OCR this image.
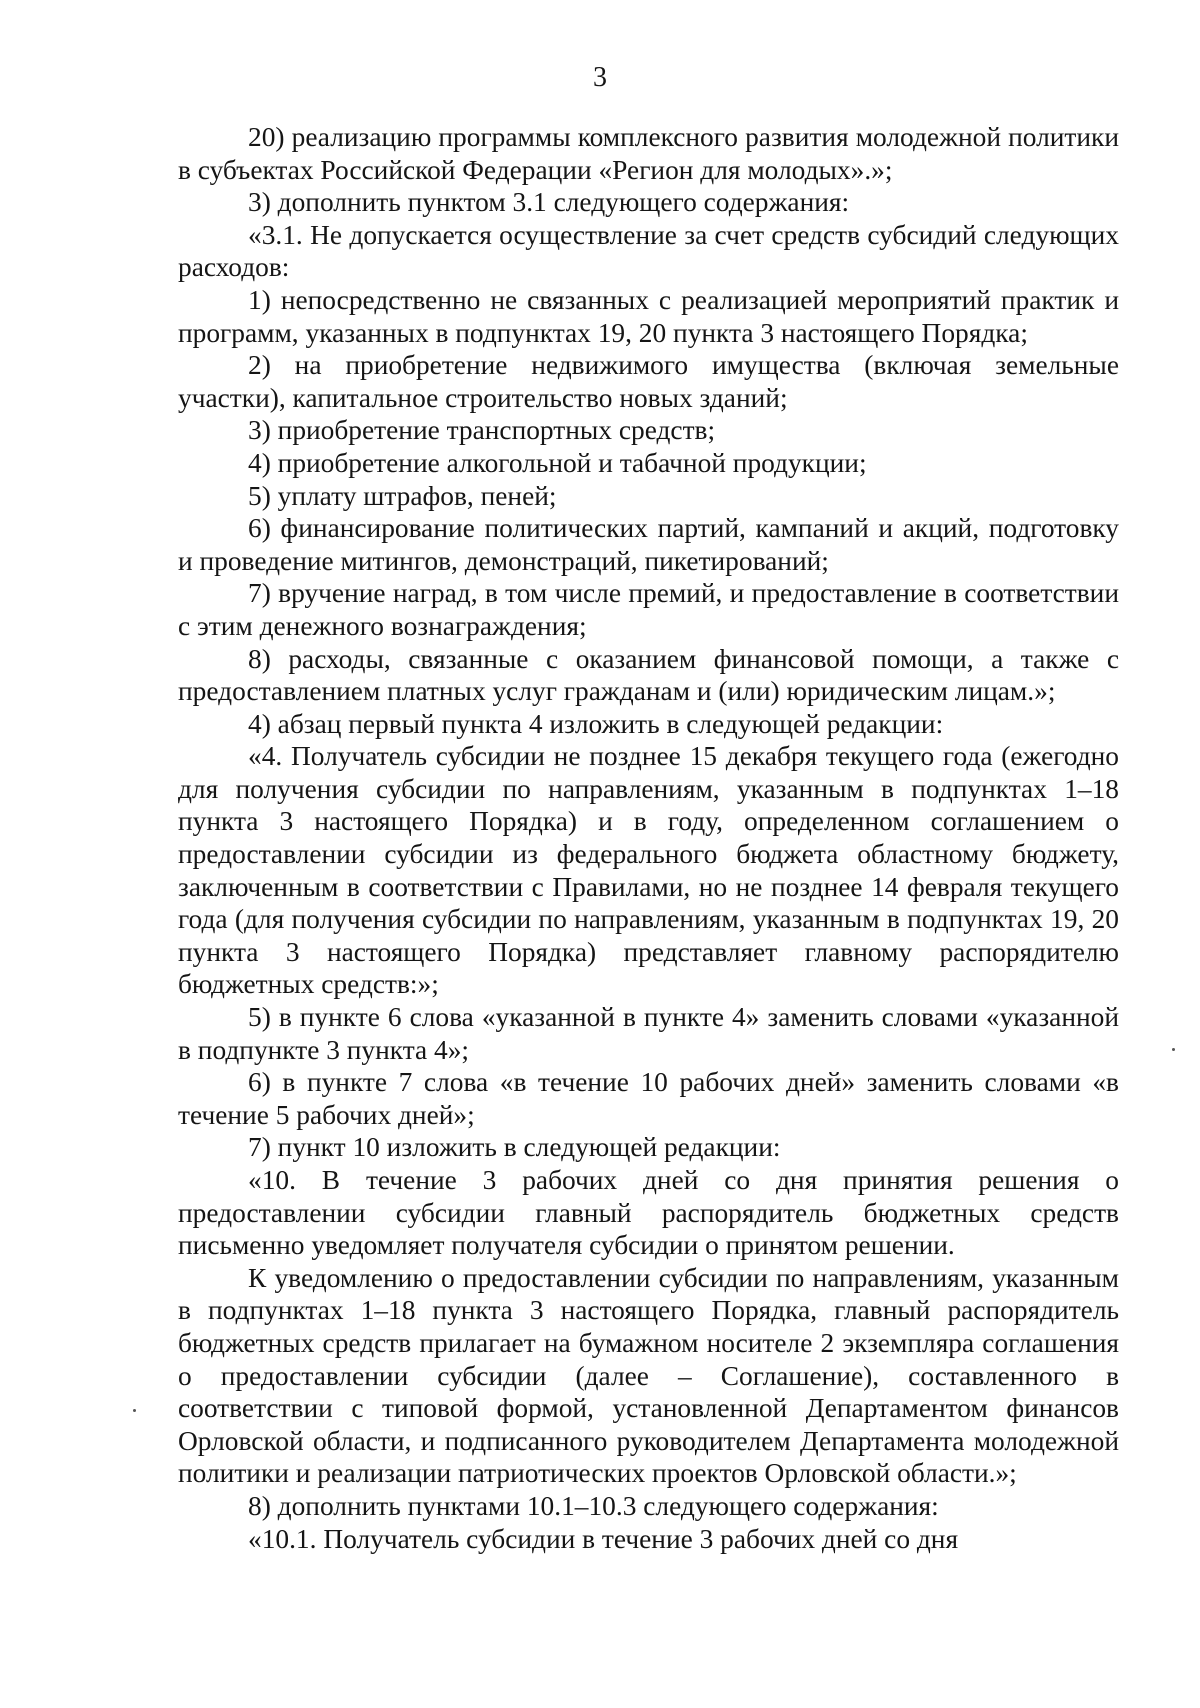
3

20) реализацию программы комплексного развития молодежной политики в субъектах Российской Федерации «Регион для молодых».»;

3) дополнить пунктом 3.1 следующего содержания:

«3.1. Не допускается осуществление за счет средств субсидий следующих расходов:

1) непосредственно не связанных с реализацией мероприятий практик и программ, указанных в подпунктах 19, 20 пункта 3 настоящего Порядка;

2) на приобретение недвижимого имущества (включая земельные участки), капитальное строительство новых зданий;

3) приобретение транспортных средств;

4) приобретение алкогольной и табачной продукции;

5) уплату штрафов, пеней;

6) финансирование политических партий, кампаний и акций, подготовку и проведение митингов, демонстраций, пикетирований;

7) вручение наград, в том числе премий, и предоставление в соответствии с этим денежного вознаграждения;

8) расходы, связанные с оказанием финансовой помощи, а также с предоставлением платных услуг гражданам и (или) юридическим лицам.»;

4) абзац первый пункта 4 изложить в следующей редакции:

«4. Получатель субсидии не позднее 15 декабря текущего года (ежегодно для получения субсидии по направлениям, указанным в подпунктах 1–18 пункта 3 настоящего Порядка) и в году, определенном соглашением о предоставлении субсидии из федерального бюджета областному бюджету, заключенным в соответствии с Правилами, но не позднее 14 февраля текущего года (для получения субсидии по направлениям, указанным в подпунктах 19, 20 пункта 3 настоящего Порядка) представляет главному распорядителю бюджетных средств:»;

5) в пункте 6 слова «указанной в пункте 4» заменить словами «указанной в подпункте 3 пункта 4»;

6) в пункте 7 слова «в течение 10 рабочих дней» заменить словами «в течение 5 рабочих дней»;

7) пункт 10 изложить в следующей редакции:

«10. В течение 3 рабочих дней со дня принятия решения о предоставлении субсидии главный распорядитель бюджетных средств письменно уведомляет получателя субсидии о принятом решении.

К уведомлению о предоставлении субсидии по направлениям, указанным в подпунктах 1–18 пункта 3 настоящего Порядка, главный распорядитель бюджетных средств прилагает на бумажном носителе 2 экземпляра соглашения о предоставлении субсидии (далее – Соглашение), составленного в соответствии с типовой формой, установленной Департаментом финансов Орловской области, и подписанного руководителем Департамента молодежной политики и реализации патриотических проектов Орловской области.»;

8) дополнить пунктами 10.1–10.3 следующего содержания:

«10.1. Получатель субсидии в течение 3 рабочих дней со дня
